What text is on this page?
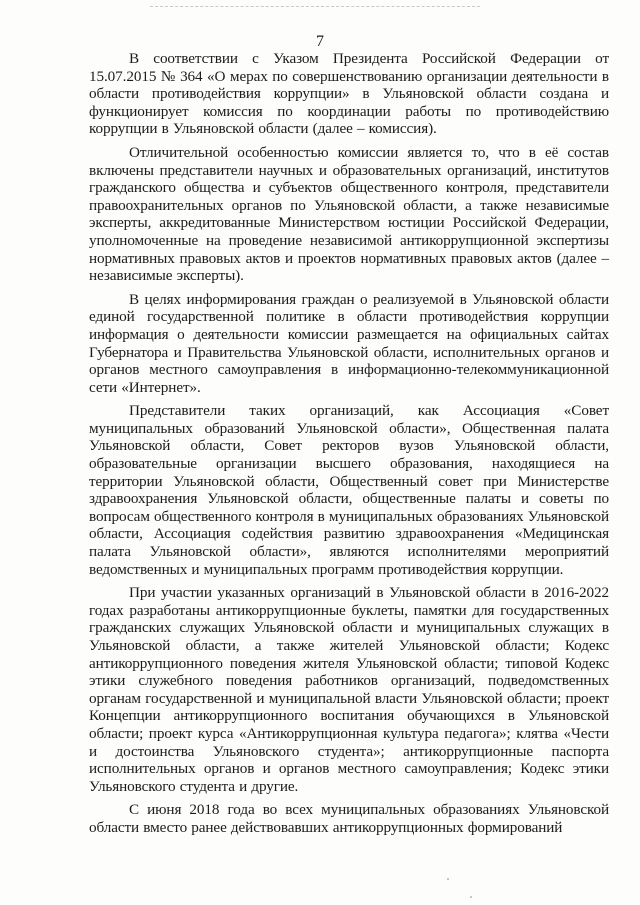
7

В соответствии с Указом Президента Российской Федерации от 15.07.2015 № 364 «О мерах по совершенствованию организации деятельности в области противодействия коррупции» в Ульяновской области создана и функционирует комиссия по координации работы по противодействию коррупции в Ульяновской области (далее – комиссия).

Отличительной особенностью комиссии является то, что в её состав включены представители научных и образовательных организаций, институтов гражданского общества и субъектов общественного контроля, представители правоохранительных органов по Ульяновской области, а также независимые эксперты, аккредитованные Министерством юстиции Российской Федерации, уполномоченные на проведение независимой антикоррупционной экспертизы нормативных правовых актов и проектов нормативных правовых актов (далее – независимые эксперты).

В целях информирования граждан о реализуемой в Ульяновской области единой государственной политике в области противодействия коррупции информация о деятельности комиссии размещается на официальных сайтах Губернатора и Правительства Ульяновской области, исполнительных органов и органов местного самоуправления в информационно-телекоммуникационной сети «Интернет».

Представители таких организаций, как Ассоциация «Совет муниципальных образований Ульяновской области», Общественная палата Ульяновской области, Совет ректоров вузов Ульяновской области, образовательные организации высшего образования, находящиеся на территории Ульяновской области, Общественный совет при Министерстве здравоохранения Ульяновской области, общественные палаты и советы по вопросам общественного контроля в муниципальных образованиях Ульяновской области, Ассоциация содействия развитию здравоохранения «Медицинская палата Ульяновской области», являются исполнителями мероприятий ведомственных и муниципальных программ противодействия коррупции.

При участии указанных организаций в Ульяновской области в 2016-2022 годах разработаны антикоррупционные буклеты, памятки для государственных гражданских служащих Ульяновской области и муниципальных служащих в Ульяновской области, а также жителей Ульяновской области; Кодекс антикоррупционного поведения жителя Ульяновской области; типовой Кодекс этики служебного поведения работников организаций, подведомственных органам государственной и муниципальной власти Ульяновской области; проект Концепции антикоррупционного воспитания обучающихся в Ульяновской области; проект курса «Антикоррупционная культура педагога»; клятва «Чести и достоинства Ульяновского студента»; антикоррупционные паспорта исполнительных органов и органов местного самоуправления; Кодекс этики Ульяновского студента и другие.

С июня 2018 года во всех муниципальных образованиях Ульяновской области вместо ранее действовавших антикоррупционных формирований
